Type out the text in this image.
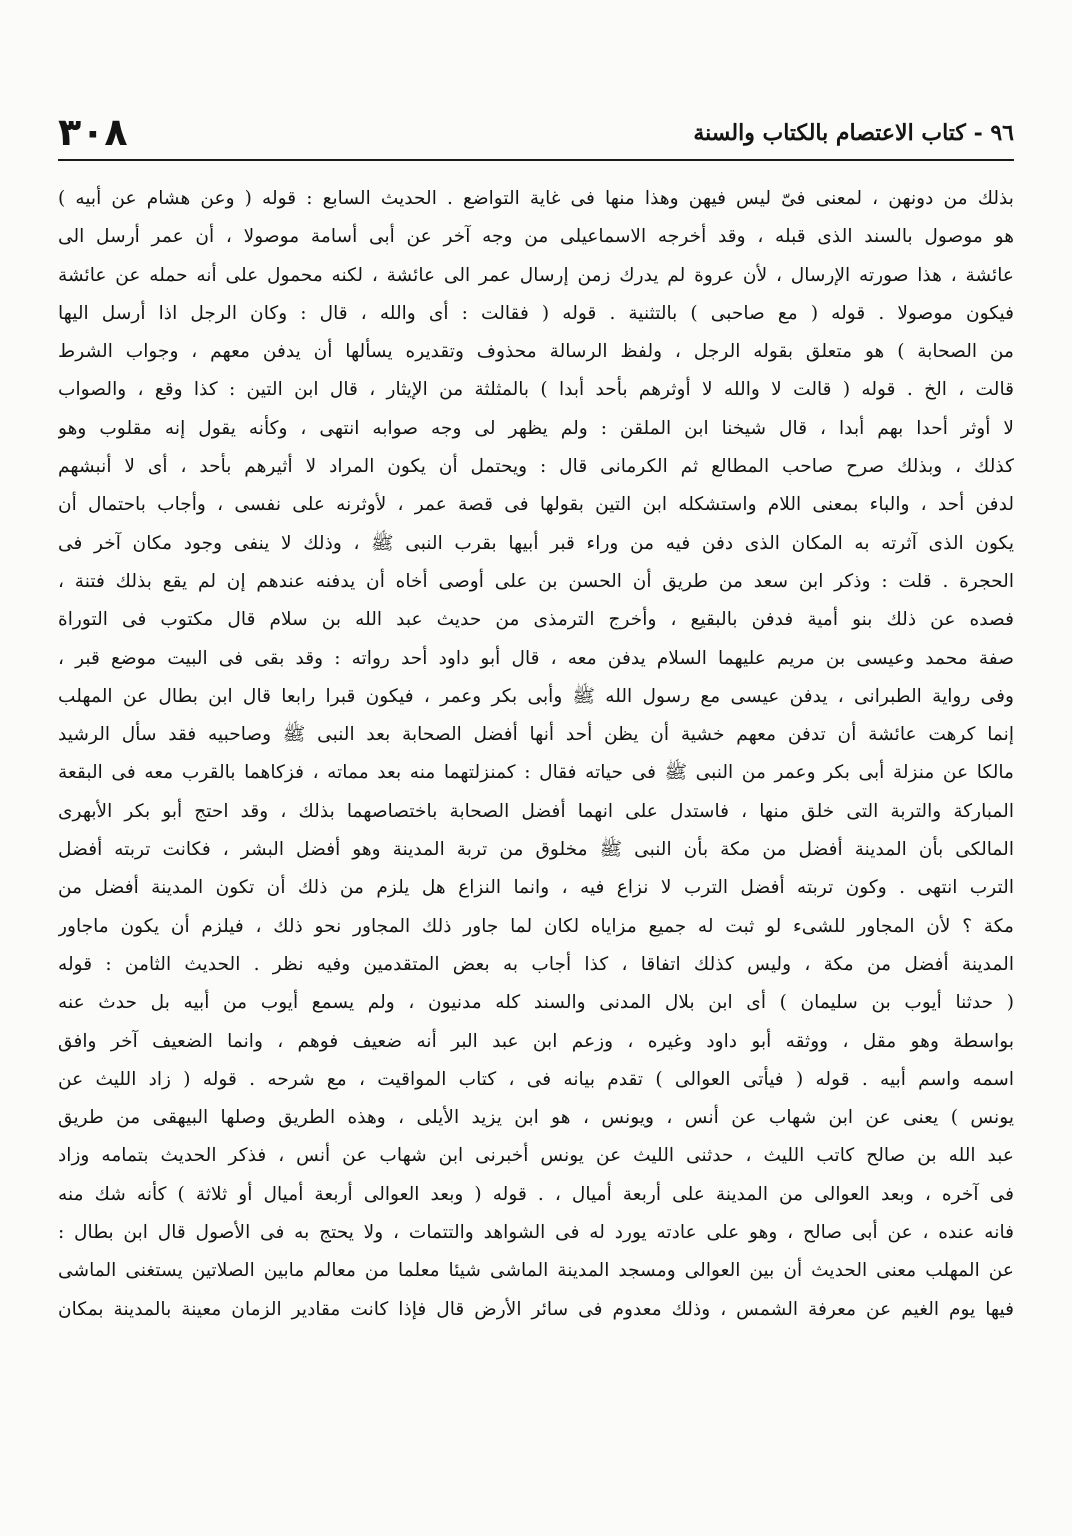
٣٠٨	٩٦ - كتاب الاعتصام بالكتاب والسنة
بذلك من دونهن ، لمعنى فىّ ليس فيهن وهذا منها فى غاية التواضع . الحديث السابع : قوله ( وعن هشام عن أبيه )
هو موصول بالسند الذى قبله ، وقد أخرجه الاسماعيلى من وجه آخر عن أبى أسامة موصولا ، أن عمر أرسل الى
عائشة ، هذا صورته الإرسال ، لأن عروة لم يدرك زمن إرسال عمر الى عائشة ، لكنه محمول على أنه حمله عن عائشة
فيكون موصولا . قوله ( مع صاحبى ) بالتثنية . قوله ( فقالت : أى والله ، قال : وكان الرجل اذا أرسل اليها
من الصحابة ) هو متعلق بقوله الرجل ، ولفظ الرسالة محذوف وتقديره يسألها أن يدفن معهم ، وجواب الشرط
قالت ، الخ . قوله ( قالت لا والله لا أوثرهم بأحد أبدا ) بالمثلثة من الإيثار ، قال ابن التين : كذا وقع ، والصواب
لا أوثر أحدا بهم أبدا ، قال شيخنا ابن الملقن : ولم يظهر لى وجه صوابه انتهى ، وكأنه يقول إنه مقلوب وهو
كذلك ، وبذلك صرح صاحب المطالع ثم الكرمانى قال : ويحتمل أن يكون المراد لا أثيرهم بأحد ، أى لا أنبشهم
لدفن أحد ، والباء بمعنى اللام واستشكله ابن التين بقولها فى قصة عمر ، لأوثرنه على نفسى ، وأجاب باحتمال أن
يكون الذى آثرته به المكان الذى دفن فيه من وراء قبر أبيها بقرب النبى ﷺ ، وذلك لا ينفى وجود مكان آخر فى
الحجرة . قلت : وذكر ابن سعد من طريق أن الحسن بن على أوصى أخاه أن يدفنه عندهم إن لم يقع بذلك فتنة ،
فصده عن ذلك بنو أمية فدفن بالبقيع ، وأخرج الترمذى من حديث عبد الله بن سلام قال مكتوب فى التوراة
صفة محمد وعيسى بن مريم عليهما السلام يدفن معه ، قال أبو داود أحد رواته : وقد بقى فى البيت موضع قبر ،
وفى رواية الطبرانى ، يدفن عيسى مع رسول الله ﷺ وأبى بكر وعمر ، فيكون قبرا رابعا قال ابن بطال عن المهلب
إنما كرهت عائشة أن تدفن معهم خشية أن يظن أحد أنها أفضل الصحابة بعد النبى ﷺ وصاحبيه فقد سأل الرشيد
مالكا عن منزلة أبى بكر وعمر من النبى ﷺ فى حياته فقال : كمنزلتهما منه بعد مماته ، فزكاهما بالقرب معه فى البقعة
المباركة والتربة التى خلق منها ، فاستدل على انهما أفضل الصحابة باختصاصهما بذلك ، وقد احتج أبو بكر الأبهرى
المالكى بأن المدينة أفضل من مكة بأن النبى ﷺ مخلوق من تربة المدينة وهو أفضل البشر ، فكانت تربته أفضل
الترب انتهى . وكون تربته أفضل الترب لا نزاع فيه ، وانما النزاع هل يلزم من ذلك أن تكون المدينة أفضل من
مكة ؟ لأن المجاور للشىء لو ثبت له جميع مزاياه لكان لما جاور ذلك المجاور نحو ذلك ، فيلزم أن يكون ماجاور
المدينة أفضل من مكة ، وليس كذلك اتفاقا ، كذا أجاب به بعض المتقدمين وفيه نظر . الحديث الثامن : قوله
( حدثنا أيوب بن سليمان ) أى ابن بلال المدنى والسند كله مدنيون ، ولم يسمع أيوب من أبيه بل حدث عنه
بواسطة وهو مقل ، ووثقه أبو داود وغيره ، وزعم ابن عبد البر أنه ضعيف فوهم ، وانما الضعيف آخر وافق
اسمه واسم أبيه . قوله ( فيأتى العوالى ) تقدم بيانه فى ، كتاب المواقيت ، مع شرحه . قوله ( زاد الليث عن
يونس ) يعنى عن ابن شهاب عن أنس ، ويونس ، هو ابن يزيد الأيلى ، وهذه الطريق وصلها البيهقى من طريق
عبد الله بن صالح كاتب الليث ، حدثنى الليث عن يونس أخبرنى ابن شهاب عن أنس ، فذكر الحديث بتمامه وزاد
فى آخره ، وبعد العوالى من المدينة على أربعة أميال ، . قوله ( وبعد العوالى أربعة أميال أو ثلاثة ) كأنه شك منه
فانه عنده ، عن أبى صالح ، وهو على عادته يورد له فى الشواهد والتتمات ، ولا يحتج به فى الأصول قال ابن بطال :
عن المهلب معنى الحديث أن بين العوالى ومسجد المدينة الماشى شيئا معلما من معالم مابين الصلاتين يستغنى الماشى
فيها يوم الغيم عن معرفة الشمس ، وذلك معدوم فى سائر الأرض قال فإذا كانت مقادير الزمان معينة بالمدينة بمكان
